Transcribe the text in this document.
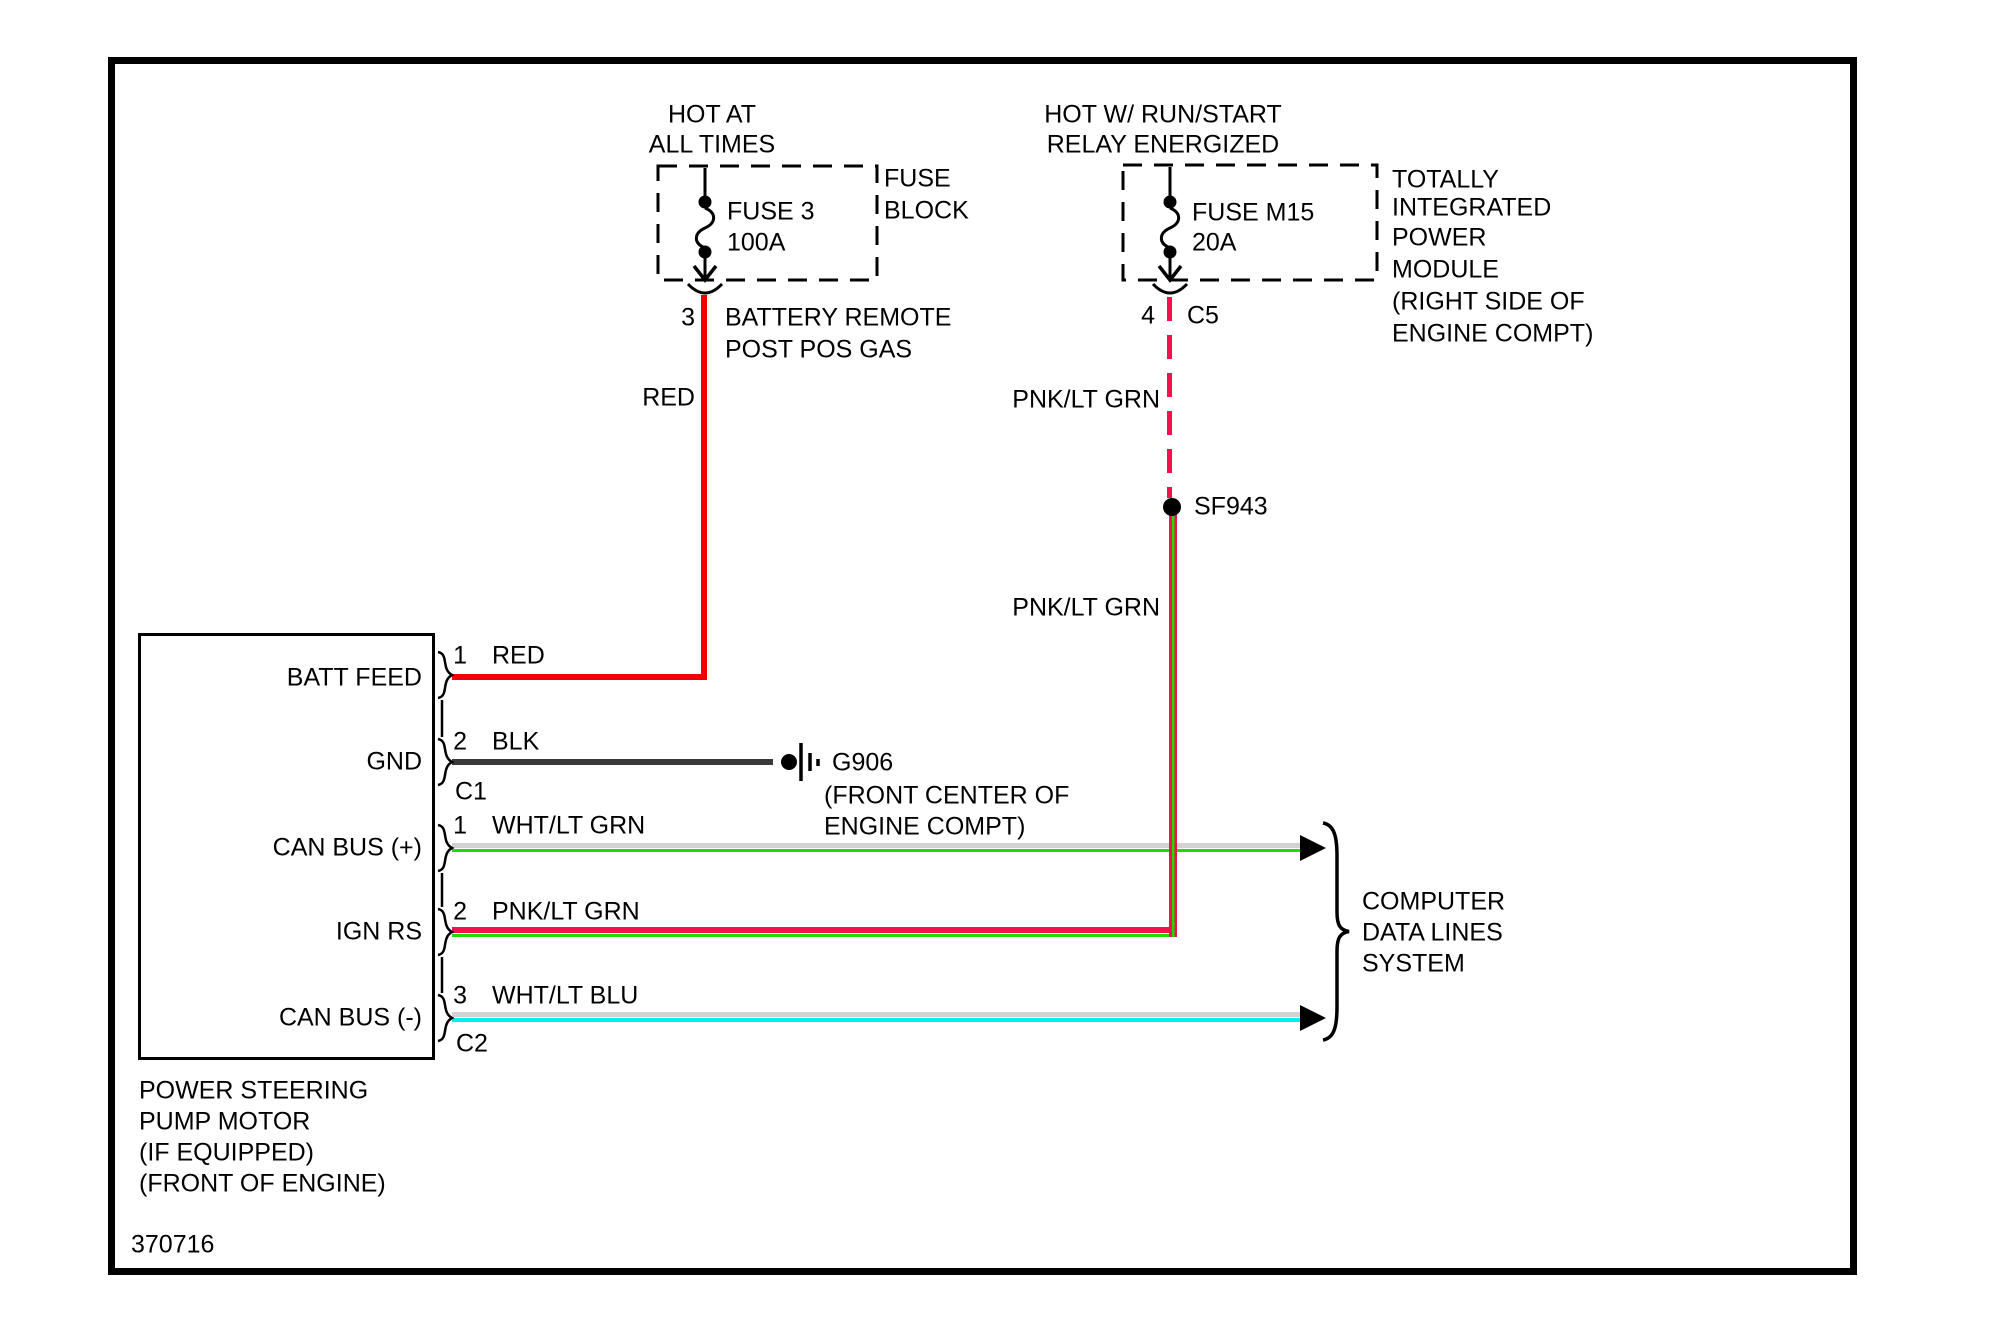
HOT AT
ALL TIMES
FUSE 3
100A
FUSE
BLOCK
3 BATTERY REMOTE
POST POS GAS
RED
HOT W/ RUN/START
RELAY ENERGIZED
FUSE M15
20A
TOTALLY
INTEGRATED
POWER
MODULE
(RIGHT SIDE OF
ENGINE COMPT)
4 C5
PNK/LT GRN
SF943
PNK/LT GRN
G906
(FRONT CENTER OF
ENGINE COMPT)
BATT FEED
GND
CAN BUS (+)
IGN RS
CAN BUS (-)
1
2
1
2
3
RED
BLK
WHT/LT GRN
PNK/LT GRN
WHT/LT BLU
C1
C2
COMPUTER
DATA LINES
SYSTEM
POWER STEERING
PUMP MOTOR
(IF EQUIPPED)
(FRONT OF ENGINE)
370716
